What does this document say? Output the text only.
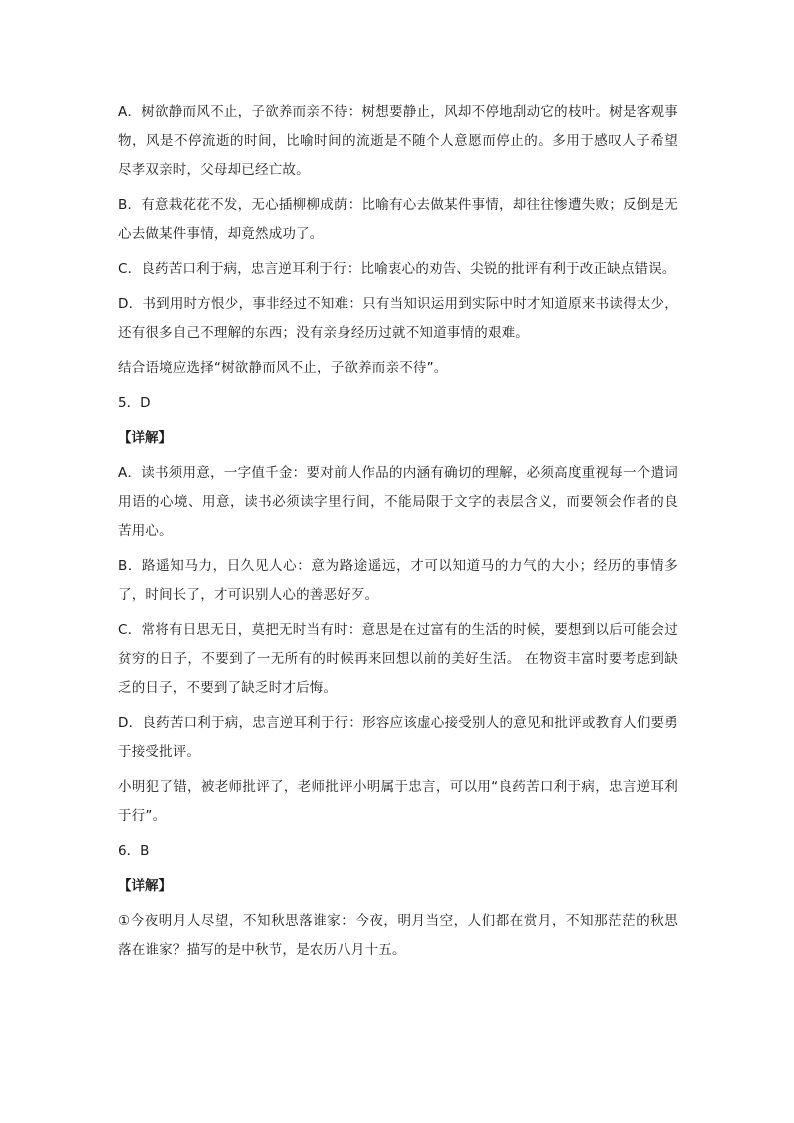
A．树欲静而风不止，子欲养而亲不待：树想要静止，风却不停地刮动它的枝叶。树是客观事物，风是不停流逝的时间，比喻时间的流逝是不随个人意愿而停止的。多用于感叹人子希望尽孝双亲时，父母却已经亡故。

B．有意栽花花不发，无心插柳柳成荫：比喻有心去做某件事情，却往往惨遭失败；反倒是无心去做某件事情，却竟然成功了。

C．良药苦口利于病，忠言逆耳利于行：比喻衷心的劝告、尖锐的批评有利于改正缺点错误。

D．书到用时方恨少，事非经过不知难：只有当知识运用到实际中时才知道原来书读得太少，还有很多自己不理解的东西；没有亲身经历过就不知道事情的艰难。

结合语境应选择“树欲静而风不止，子欲养而亲不待”。

5．D

【详解】

A．读书须用意，一字值千金：要对前人作品的内涵有确切的理解，必须高度重视每一个遣词用语的心境、用意，读书必须读字里行间，不能局限于文字的表层含义，而要领会作者的良苦用心。

B．路遥知马力，日久见人心：意为路途遥远，才可以知道马的力气的大小；经历的事情多了，时间长了，才可识别人心的善恶好歹。

C．常将有日思无日，莫把无时当有时：意思是在过富有的生活的时候，要想到以后可能会过贫穷的日子，不要到了一无所有的时候再来回想以前的美好生活。 在物资丰富时要考虑到缺乏的日子，不要到了缺乏时才后悔。

D．良药苦口利于病，忠言逆耳利于行：形容应该虚心接受别人的意见和批评或教育人们要勇于接受批评。

小明犯了错，被老师批评了，老师批评小明属于忠言，可以用“良药苦口利于病，忠言逆耳利于行”。

6．B

【详解】

①今夜明月人尽望，不知秋思落谁家：今夜，明月当空，人们都在赏月，不知那茫茫的秋思落在谁家？描写的是中秋节，是农历八月十五。
